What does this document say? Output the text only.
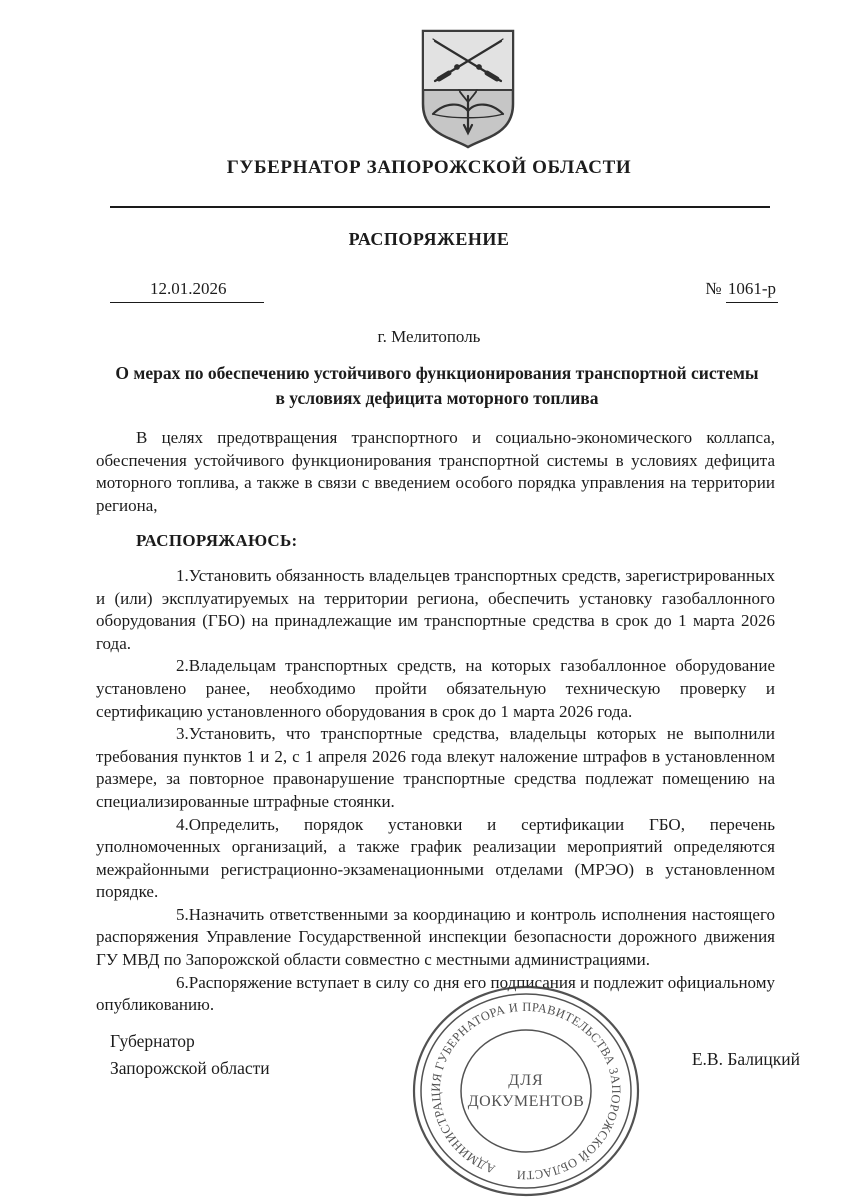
ГУБЕРНАТОР ЗАПОРОЖСКОЙ ОБЛАСТИ
РАСПОРЯЖЕНИЕ
12.01.2026	№ 1061-р
г. Мелитополь
О мерах по обеспечению устойчивого функционирования транспортной системы
в условиях дефицита моторного топлива

В целях предотвращения транспортного и социально-экономического коллапса, обеспечения устойчивого функционирования транспортной системы в условиях дефицита моторного топлива, а также в связи с введением особого порядка управления на территории региона,

РАСПОРЯЖАЮСЬ:

1.Установить обязанность владельцев транспортных средств, зарегистрированных и (или) эксплуатируемых на территории региона, обеспечить установку газобаллонного оборудования (ГБО) на принадлежащие им транспортные средства в срок до 1 марта 2026 года.

2.Владельцам транспортных средств, на которых газобаллонное оборудование установлено ранее, необходимо пройти обязательную техническую проверку и сертификацию установленного оборудования в срок до 1 марта 2026 года.

3.Установить, что транспортные средства, владельцы которых не выполнили требования пунктов 1 и 2, с 1 апреля 2026 года влекут наложение штрафов в установленном размере, за повторное правонарушение транспортные средства подлежат помещению на специализированные штрафные стоянки.

4.Определить, порядок установки и сертификации ГБО, перечень уполномоченных организаций, а также график реализации мероприятий определяются межрайонными регистрационно-экзаменационными отделами (МРЭО) в установленном порядке.

5.Назначить ответственными за координацию и контроль исполнения настоящего распоряжения Управление Государственной инспекции безопасности дорожного движения ГУ МВД по Запорожской области совместно с местными администрациями.

6.Распоряжение вступает в силу со дня его подписания и подлежит официальному опубликованию.

Губернатор
Запорожской области	Е.В. Балицкий
АДМИНИСТРАЦИЯ ГУБЕРНАТОРА И ПРАВИТЕЛЬСТВА ЗАПОРОЖСКОЙ ОБЛАСТИ
ДЛЯ
ДОКУМЕНТОВ
